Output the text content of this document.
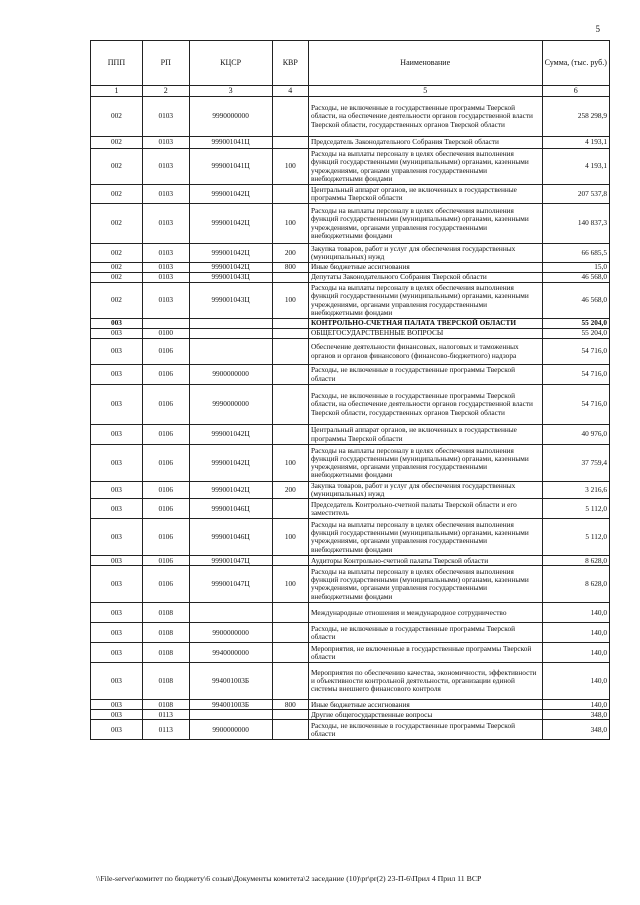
5
ППП	РП	КЦСР	КВР	Наименование	Сумма, (тыс. руб.)
1	2	3	4	5	6
002	0103	9990000000		Расходы, не включенные в государственные программы Тверской области, на обеспечение деятельности органов государственной власти Тверской области, государственных органов Тверской области	258 298,9
002	0103	999001041Ц		Председатель Законодательного Собрания Тверской области	4 193,1
002	0103	999001041Ц	100	Расходы на выплаты персоналу в целях обеспечения выполнения функций государственными (муниципальными) органами, казенными учреждениями, органами управления государственными внебюджетными фондами	4 193,1
002	0103	999001042Ц		Центральный аппарат органов, не включенных в государственные программы Тверской области	207 537,8
002	0103	999001042Ц	100	Расходы на выплаты персоналу в целях обеспечения выполнения функций государственными (муниципальными) органами, казенными учреждениями, органами управления государственными внебюджетными фондами	140 837,3
002	0103	999001042Ц	200	Закупка товаров, работ и услуг для обеспечения государственных (муниципальных) нужд	66 685,5
002	0103	999001042Ц	800	Иные бюджетные ассигнования	15,0
002	0103	999001043Ц		Депутаты Законодательного Собрания Тверской области	46 568,0
002	0103	999001043Ц	100	Расходы на выплаты персоналу в целях обеспечения выполнения функций государственными (муниципальными) органами, казенными учреждениями, органами управления государственными внебюджетными фондами	46 568,0
003				КОНТРОЛЬНО-СЧЕТНАЯ ПАЛАТА ТВЕРСКОЙ ОБЛАСТИ	55 204,0
003	0100			ОБЩЕГОСУДАРСТВЕННЫЕ ВОПРОСЫ	55 204,0
003	0106			Обеспечение деятельности финансовых, налоговых и таможенных органов и органов финансового (финансово-бюджетного) надзора	54 716,0
003	0106	9900000000		Расходы, не включенные в государственные программы Тверской области	54 716,0
003	0106	9990000000		Расходы, не включенные в государственные программы Тверской области, на обеспечение деятельности органов государственной власти Тверской области, государственных органов Тверской области	54 716,0
003	0106	999001042Ц		Центральный аппарат органов, не включенных в государственные программы Тверской области	40 976,0
003	0106	999001042Ц	100	Расходы на выплаты персоналу в целях обеспечения выполнения функций государственными (муниципальными) органами, казенными учреждениями, органами управления государственными внебюджетными фондами	37 759,4
003	0106	999001042Ц	200	Закупка товаров, работ и услуг для обеспечения государственных (муниципальных) нужд	3 216,6
003	0106	999001046Ц		Председатель Контрольно-счетной палаты Тверской области и его заместитель	5 112,0
003	0106	999001046Ц	100	Расходы на выплаты персоналу в целях обеспечения выполнения функций государственными (муниципальными) органами, казенными учреждениями, органами управления государственными внебюджетными фондами	5 112,0
003	0106	999001047Ц		Аудиторы Контрольно-счетной палаты Тверской области	8 628,0
003	0106	999001047Ц	100	Расходы на выплаты персоналу в целях обеспечения выполнения функций государственными (муниципальными) органами, казенными учреждениями, органами управления государственными внебюджетными фондами	8 628,0
003	0108			Международные отношения и международное сотрудничество	140,0
003	0108	9900000000		Расходы, не включенные в государственные программы Тверской области	140,0
003	0108	9940000000		Мероприятия, не включенные в государственные программы Тверской области	140,0
003	0108	994001003Б		Мероприятия по обеспечению качества, экономичности, эффективности и объективности контрольной деятельности, организации единой системы внешнего финансового контроля	140,0
003	0108	994001003Б	800	Иные бюджетные ассигнования	140,0
003	0113			Другие общегосударственные вопросы	348,0
003	0113	9900000000		Расходы, не включенные в государственные программы Тверской области	348,0
\\File-server\комитет по бюджету\6 созыв\Документы комитета\2 заседание (10)\pr\pr(2) 23-П-6\Прил 4 Прил 11 ВСР
